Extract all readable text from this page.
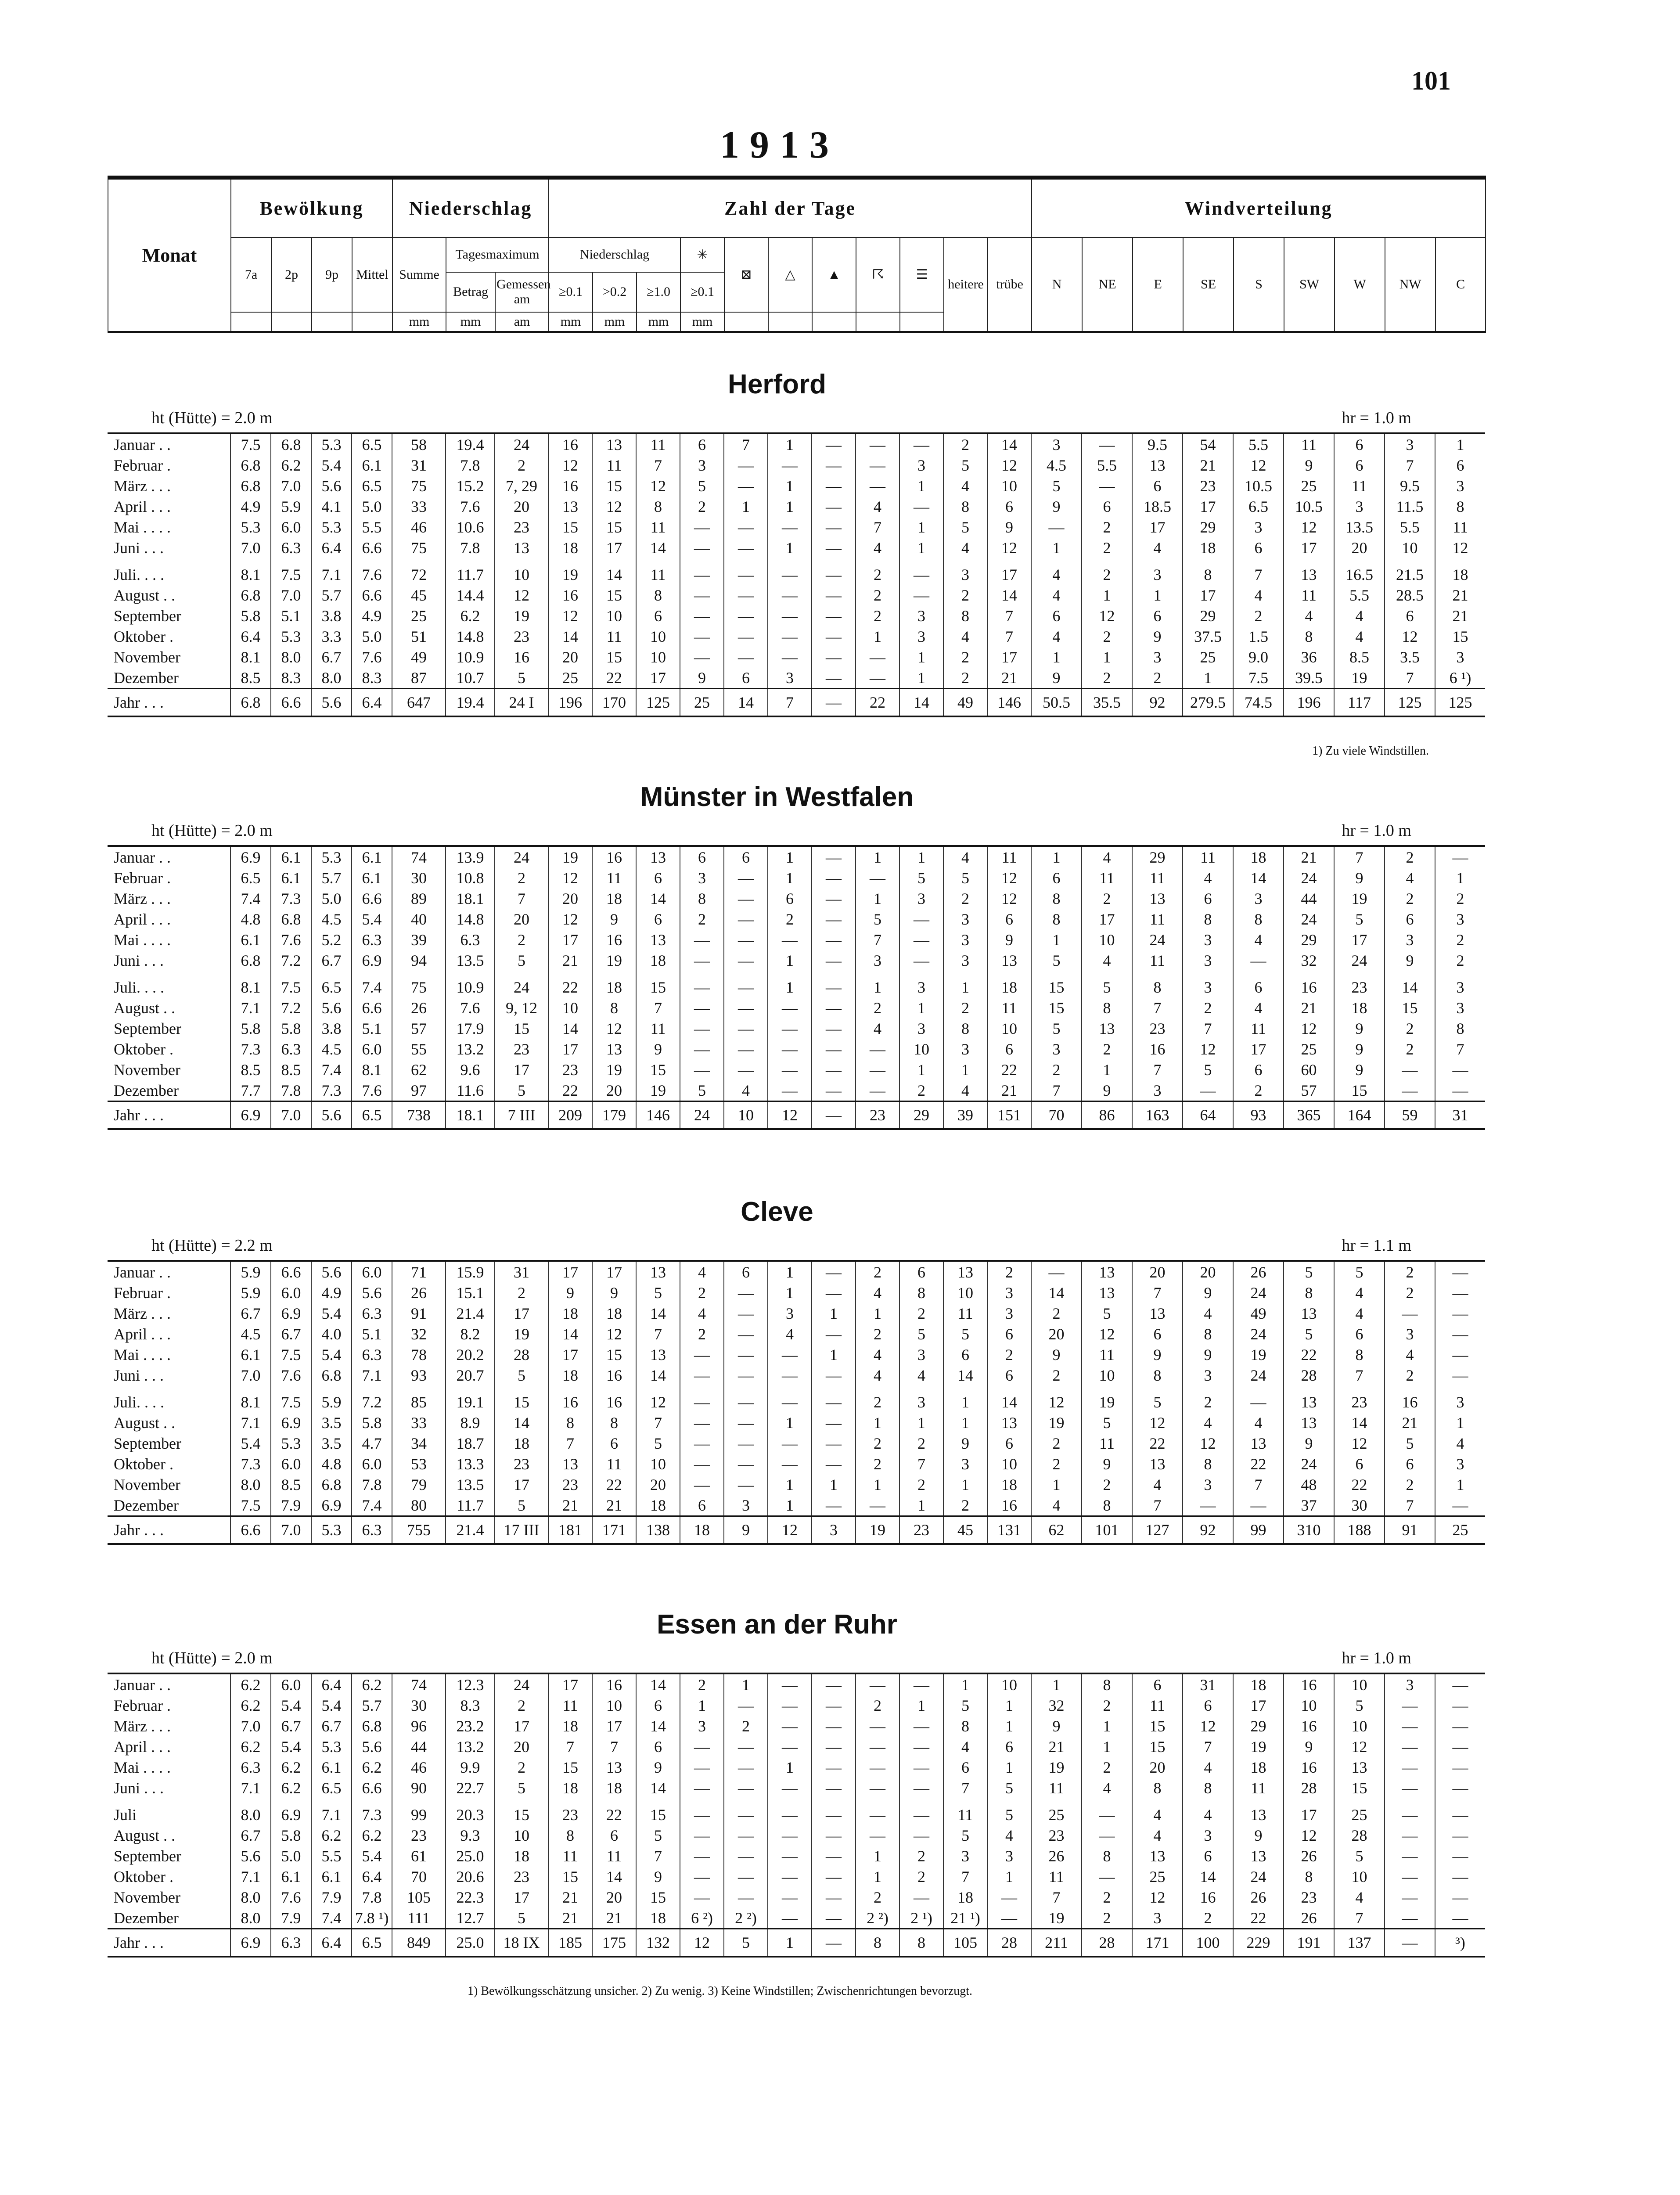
101
1913
Monat	Bewölkung				Niederschlag			Zahl der Tage											Windverteilung								
	7a	2p	9p	Mittel	Summe	Tagesmaximum		Niederschlag			✳	⊠	△	▲	☈	☰	heitere	trübe	N	NE	E	SE	S	SW	W	NW	C
						Betrag	Gemessen am	≥0.1	>0.2	≥1.0	≥0.1																
					mm	mm	am	mm	mm	mm	mm																
Herford
ht (Hütte) = 2.0 m	hr = 1.0 m
Januar . .	7.5	6.8	5.3	6.5	58	19.4	24	16	13	11	6	7	1	—	—	—	2	14	3	—	9.5	54	5.5	11	6	3	1
Februar .	6.8	6.2	5.4	6.1	31	7.8	2	12	11	7	3	—	—	—	—	3	5	12	4.5	5.5	13	21	12	9	6	7	6
März . . .	6.8	7.0	5.6	6.5	75	15.2	7, 29	16	15	12	5	—	1	—	—	1	4	10	5	—	6	23	10.5	25	11	9.5	3
April . . .	4.9	5.9	4.1	5.0	33	7.6	20	13	12	8	2	1	1	—	4	—	8	6	9	6	18.5	17	6.5	10.5	3	11.5	8
Mai . . . .	5.3	6.0	5.3	5.5	46	10.6	23	15	15	11	—	—	—	—	7	1	5	9	—	2	17	29	3	12	13.5	5.5	11
Juni . . .	7.0	6.3	6.4	6.6	75	7.8	13	18	17	14	—	—	1	—	4	1	4	12	1	2	4	18	6	17	20	10	12

Juli. . . .	8.1	7.5	7.1	7.6	72	11.7	10	19	14	11	—	—	—	—	2	—	3	17	4	2	3	8	7	13	16.5	21.5	18
August . .	6.8	7.0	5.7	6.6	45	14.4	12	16	15	8	—	—	—	—	2	—	2	14	4	1	1	17	4	11	5.5	28.5	21
September	5.8	5.1	3.8	4.9	25	6.2	19	12	10	6	—	—	—	—	2	3	8	7	6	12	6	29	2	4	4	6	21
Oktober .	6.4	5.3	3.3	5.0	51	14.8	23	14	11	10	—	—	—	—	1	3	4	7	4	2	9	37.5	1.5	8	4	12	15
November	8.1	8.0	6.7	7.6	49	10.9	16	20	15	10	—	—	—	—	—	1	2	17	1	1	3	25	9.0	36	8.5	3.5	3
Dezember	8.5	8.3	8.0	8.3	87	10.7	5	25	22	17	9	6	3	—	—	1	2	21	9	2	2	1	7.5	39.5	19	7	6 ¹)
Jahr . . .	6.8	6.6	5.6	6.4	647	19.4	24 I	196	170	125	25	14	7	—	22	14	49	146	50.5	35.5	92	279.5	74.5	196	117	125	125
1) Zu viele Windstillen.
Münster in Westfalen
ht (Hütte) = 2.0 m	hr = 1.0 m
Januar . .	6.9	6.1	5.3	6.1	74	13.9	24	19	16	13	6	6	1	—	1	1	4	11	1	4	29	11	18	21	7	2	—
Februar .	6.5	6.1	5.7	6.1	30	10.8	2	12	11	6	3	—	1	—	—	5	5	12	6	11	11	4	14	24	9	4	1
März . . .	7.4	7.3	5.0	6.6	89	18.1	7	20	18	14	8	—	6	—	1	3	2	12	8	2	13	6	3	44	19	2	2
April . . .	4.8	6.8	4.5	5.4	40	14.8	20	12	9	6	2	—	2	—	5	—	3	6	8	17	11	8	8	24	5	6	3
Mai . . . .	6.1	7.6	5.2	6.3	39	6.3	2	17	16	13	—	—	—	—	7	—	3	9	1	10	24	3	4	29	17	3	2
Juni . . .	6.8	7.2	6.7	6.9	94	13.5	5	21	19	18	—	—	1	—	3	—	3	13	5	4	11	3	—	32	24	9	2

Juli. . . .	8.1	7.5	6.5	7.4	75	10.9	24	22	18	15	—	—	1	—	1	3	1	18	15	5	8	3	6	16	23	14	3
August . .	7.1	7.2	5.6	6.6	26	7.6	9, 12	10	8	7	—	—	—	—	2	1	2	11	15	8	7	2	4	21	18	15	3
September	5.8	5.8	3.8	5.1	57	17.9	15	14	12	11	—	—	—	—	4	3	8	10	5	13	23	7	11	12	9	2	8
Oktober .	7.3	6.3	4.5	6.0	55	13.2	23	17	13	9	—	—	—	—	—	10	3	6	3	2	16	12	17	25	9	2	7
November	8.5	8.5	7.4	8.1	62	9.6	17	23	19	15	—	—	—	—	—	1	1	22	2	1	7	5	6	60	9	—	—
Dezember	7.7	7.8	7.3	7.6	97	11.6	5	22	20	19	5	4	—	—	—	2	4	21	7	9	3	—	2	57	15	—	—
Jahr . . .	6.9	7.0	5.6	6.5	738	18.1	7 III	209	179	146	24	10	12	—	23	29	39	151	70	86	163	64	93	365	164	59	31
Cleve
ht (Hütte) = 2.2 m	hr = 1.1 m
Januar . .	5.9	6.6	5.6	6.0	71	15.9	31	17	17	13	4	6	1	—	2	6	13	2	—	13	20	20	26	5	5	2	—
Februar .	5.9	6.0	4.9	5.6	26	15.1	2	9	9	5	2	—	1	—	4	8	10	3	14	13	7	9	24	8	4	2	—
März . . .	6.7	6.9	5.4	6.3	91	21.4	17	18	18	14	4	—	3	1	1	2	11	3	2	5	13	4	49	13	4	—	—
April . . .	4.5	6.7	4.0	5.1	32	8.2	19	14	12	7	2	—	4	—	2	5	5	6	20	12	6	8	24	5	6	3	—
Mai . . . .	6.1	7.5	5.4	6.3	78	20.2	28	17	15	13	—	—	—	1	4	3	6	2	9	11	9	9	19	22	8	4	—
Juni . . .	7.0	7.6	6.8	7.1	93	20.7	5	18	16	14	—	—	—	—	4	4	14	6	2	10	8	3	24	28	7	2	—

Juli. . . .	8.1	7.5	5.9	7.2	85	19.1	15	16	16	12	—	—	—	—	2	3	1	14	12	19	5	2	—	13	23	16	3
August . .	7.1	6.9	3.5	5.8	33	8.9	14	8	8	7	—	—	1	—	1	1	1	13	19	5	12	4	4	13	14	21	1
September	5.4	5.3	3.5	4.7	34	18.7	18	7	6	5	—	—	—	—	2	2	9	6	2	11	22	12	13	9	12	5	4
Oktober .	7.3	6.0	4.8	6.0	53	13.3	23	13	11	10	—	—	—	—	2	7	3	10	2	9	13	8	22	24	6	6	3
November	8.0	8.5	6.8	7.8	79	13.5	17	23	22	20	—	—	1	1	1	2	1	18	1	2	4	3	7	48	22	2	1
Dezember	7.5	7.9	6.9	7.4	80	11.7	5	21	21	18	6	3	1	—	—	1	2	16	4	8	7	—	—	37	30	7	—
Jahr . . .	6.6	7.0	5.3	6.3	755	21.4	17 III	181	171	138	18	9	12	3	19	23	45	131	62	101	127	92	99	310	188	91	25
Essen an der Ruhr
ht (Hütte) = 2.0 m	hr = 1.0 m
Januar . .	6.2	6.0	6.4	6.2	74	12.3	24	17	16	14	2	1	—	—	—	—	1	10	1	8	6	31	18	16	10	3	—
Februar .	6.2	5.4	5.4	5.7	30	8.3	2	11	10	6	1	—	—	—	2	1	5	1	32	2	11	6	17	10	5	—	—
März . . .	7.0	6.7	6.7	6.8	96	23.2	17	18	17	14	3	2	—	—	—	—	8	1	9	1	15	12	29	16	10	—	—
April . . .	6.2	5.4	5.3	5.6	44	13.2	20	7	7	6	—	—	—	—	—	—	4	6	21	1	15	7	19	9	12	—	—
Mai . . . .	6.3	6.2	6.1	6.2	46	9.9	2	15	13	9	—	—	1	—	—	—	6	1	19	2	20	4	18	16	13	—	—
Juni . . .	7.1	6.2	6.5	6.6	90	22.7	5	18	18	14	—	—	—	—	—	—	7	5	11	4	8	8	11	28	15	—	—

Juli	8.0	6.9	7.1	7.3	99	20.3	15	23	22	15	—	—	—	—	—	—	11	5	25	—	4	4	13	17	25	—	—
August . .	6.7	5.8	6.2	6.2	23	9.3	10	8	6	5	—	—	—	—	—	—	5	4	23	—	4	3	9	12	28	—	—
September	5.6	5.0	5.5	5.4	61	25.0	18	11	11	7	—	—	—	—	1	2	3	3	26	8	13	6	13	26	5	—	—
Oktober .	7.1	6.1	6.1	6.4	70	20.6	23	15	14	9	—	—	—	—	1	2	7	1	11	—	25	14	24	8	10	—	—
November	8.0	7.6	7.9	7.8	105	22.3	17	21	20	15	—	—	—	—	2	—	18	—	7	2	12	16	26	23	4	—	—
Dezember	8.0	7.9	7.4	7.8 ¹)	111	12.7	5	21	21	18	6 ²)	2 ²)	—	—	2 ²)	2 ¹)	21 ¹)	—	19	2	3	2	22	26	7	—	—
Jahr . . .	6.9	6.3	6.4	6.5	849	25.0	18 IX	185	175	132	12	5	1	—	8	8	105	28	211	28	171	100	229	191	137	—	³)
1) Bewölkungsschätzung unsicher. 2) Zu wenig. 3) Keine Windstillen; Zwischenrichtungen bevorzugt.
